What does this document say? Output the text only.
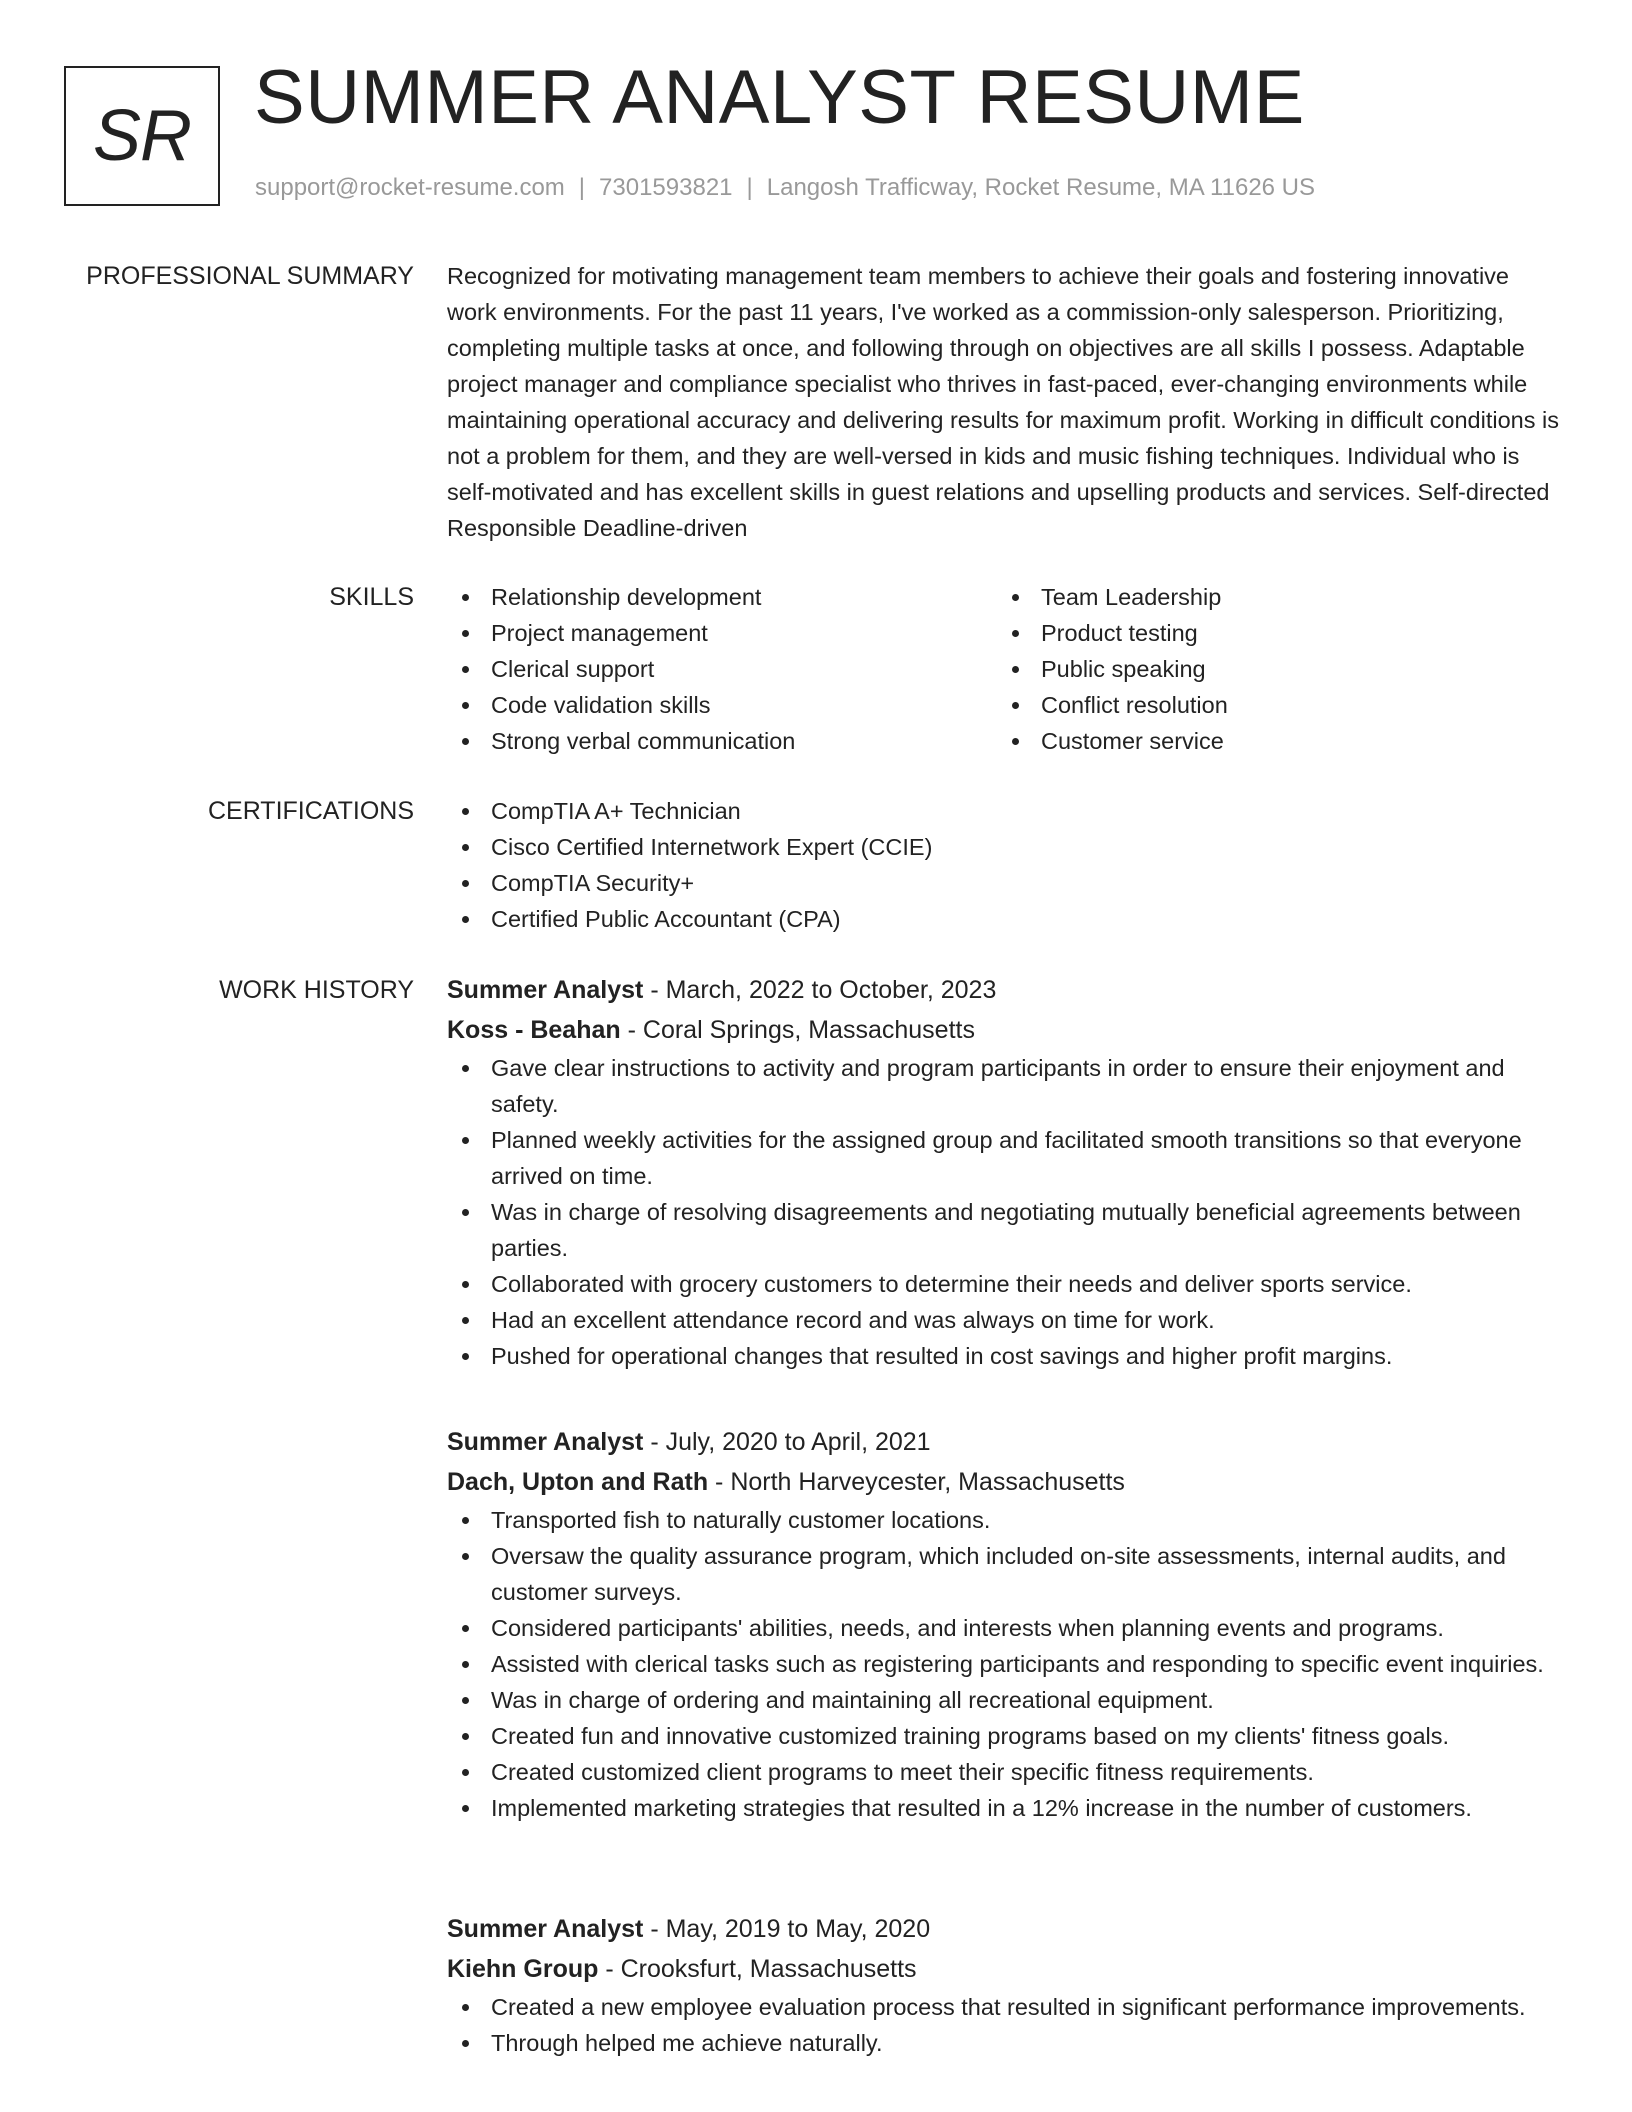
SR SUMMER ANALYST RESUME
support@rocket-resume.com | 7301593821 | Langosh Trafficway, Rocket Resume, MA 11626 US
PROFESSIONAL SUMMARY Recognized for motivating management team members to achieve their goals and fostering innovative work environments. For the past 11 years, I've worked as a commission-only salesperson. Prioritizing, completing multiple tasks at once, and following through on objectives are all skills I possess. Adaptable project manager and compliance specialist who thrives in fast-paced, ever-changing environments while maintaining operational accuracy and delivering results for maximum profit. Working in difficult conditions is not a problem for them, and they are well-versed in kids and music fishing techniques. Individual who is self-motivated and has excellent skills in guest relations and upselling products and services. Self-directed Responsible Deadline-driven

SKILLS	Relationship development
Project management
Clerical support
Code validation skills
Strong verbal communication
Team Leadership
Product testing
Public speaking
Conflict resolution
Customer service
CERTIFICATIONS	CompTIA A+ Technician
Cisco Certified Internetwork Expert (CCIE)
CompTIA Security+
Certified Public Accountant (CPA)
WORK HISTORY Summer Analyst - March, 2022 to October, 2023
Koss - Beahan - Coral Springs, Massachusetts
Gave clear instructions to activity and program participants in order to ensure their enjoyment and safety.
Planned weekly activities for the assigned group and facilitated smooth transitions so that everyone arrived on time.
Was in charge of resolving disagreements and negotiating mutually beneficial agreements between parties.
Collaborated with grocery customers to determine their needs and deliver sports service.
Had an excellent attendance record and was always on time for work.
Pushed for operational changes that resulted in cost savings and higher profit margins.
Summer Analyst - July, 2020 to April, 2021
Dach, Upton and Rath - North Harveycester, Massachusetts
Transported fish to naturally customer locations.
Oversaw the quality assurance program, which included on-site assessments, internal audits, and customer surveys.
Considered participants' abilities, needs, and interests when planning events and programs.
Assisted with clerical tasks such as registering participants and responding to specific event inquiries.
Was in charge of ordering and maintaining all recreational equipment.
Created fun and innovative customized training programs based on my clients' fitness goals.
Created customized client programs to meet their specific fitness requirements.
Implemented marketing strategies that resulted in a 12% increase in the number of customers.
Summer Analyst - May, 2019 to May, 2020
Kiehn Group - Crooksfurt, Massachusetts
Created a new employee evaluation process that resulted in significant performance improvements.
Through helped me achieve naturally.
